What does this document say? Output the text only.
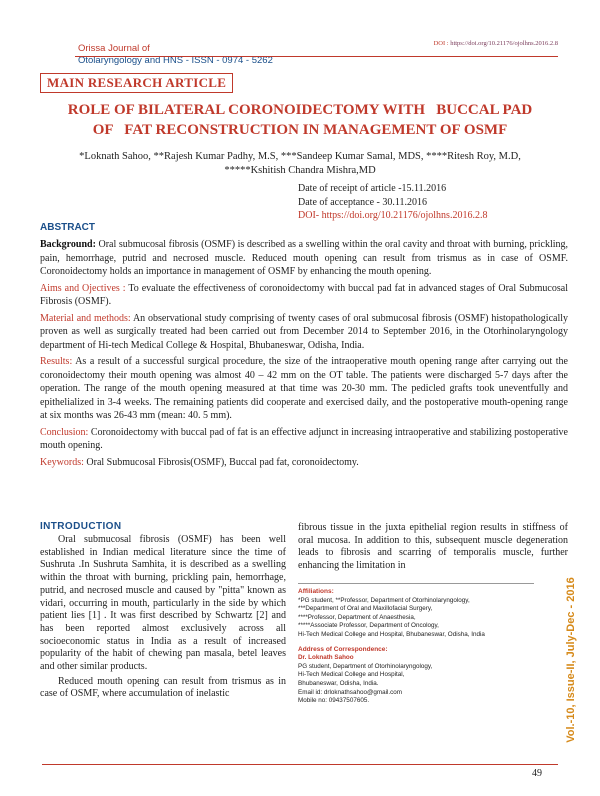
Orissa Journal of
Otolaryngology and HNS - ISSN - 0974 - 5262
DOI : https://doi.org/10.21176/ojolhns.2016.2.8
MAIN RESEARCH ARTICLE
ROLE OF BILATERAL CORONOIDECTOMY WITH   BUCCAL PAD
OF   FAT RECONSTRUCTION IN MANAGEMENT OF OSMF
*Loknath Sahoo, **Rajesh Kumar Padhy, M.S, ***Sandeep Kumar Samal, MDS, ****Ritesh Roy, M.D,
*****Kshitish Chandra Mishra,MD
Date of receipt of article -15.11.2016
Date of acceptance - 30.11.2016
DOI- https://doi.org/10.21176/ojolhns.2016.2.8
ABSTRACT

Background: Oral submucosal fibrosis (OSMF) is described as a swelling within the oral cavity and throat with burning, prickling, pain, hemorrhage, putrid and necrosed muscle. Reduced mouth opening can result from trismus as in case of OSMF. Coronoidectomy holds an importance in management of OSMF by enhancing the mouth opening.

Aims and Ojectives : To evaluate the effectiveness of coronoidectomy with buccal pad fat in advanced stages of Oral Submucosal Fibrosis (OSMF).

Material and methods: An observational study comprising of twenty cases of oral submucosal fibrosis (OSMF) histopathologically proven as well as surgically treated had been carried out from December 2014 to September 2016, in the Otorhinolaryngology department of Hi-tech Medical College & Hospital, Bhubaneswar, Odisha, India.

Results: As a result of a successful surgical procedure, the size of the intraoperative mouth opening range after carrying out the coronoidectomy their mouth opening was almost 40 – 42 mm on the OT table. The patients were discharged 5-7 days after the operation. The range of the mouth opening measured at that time was 20-30 mm. The pedicled grafts took uneventfully and epithelialized in 3-4 weeks. The remaining patients did cooperate and exercised daily, and the postoperative mouth-opening range at six months was 26-43 mm (mean: 40. 5 mm).

Conclusion: Coronoidectomy with buccal pad of fat is an effective adjunct in increasing intraoperative and stabilizing postoperative mouth opening.

Keywords: Oral Submucosal Fibrosis(OSMF), Buccal pad fat, coronoidectomy.

INTRODUCTION

Oral submucosal fibrosis (OSMF) has been well established in Indian medical literature since the time of Sushruta .In Sushruta Samhita, it is described as a swelling within the throat with burning, prickling pain, hemorrhage, putrid, and necrosed muscle and caused by "pitta" known as vidari, occurring in mouth, particularly in the side by which patient lies [1] . It was first described by Schwartz [2] and has been reported almost exclusively across all socioeconomic status in India as a result of increased popularity of the habit of chewing pan masala, betel leaves and other similar products.

Reduced mouth opening can result from trismus as in case of OSMF, where accumulation of inelastic

fibrous tissue in the juxta epithelial region results in stiffness of oral mucosa. In addition to this, subsequent muscle degeneration leads to fibrosis and scarring of temporalis muscle, further enhancing the limitation in
Affiliations:
*PG student, **Professor, Department of Otorhinolaryngology,
***Department of Oral and Maxillofacial Surgery,
****Professor, Department of Anaesthesia,
*****Associate Professor, Department of Oncology,
Hi-Tech Medical College and Hospital, Bhubaneswar, Odisha, India
Address of Correspondence:
Dr. Loknath Sahoo
PG student, Department of Otorhinolaryngology,
Hi-Tech Medical College and Hospital,
Bhubaneswar, Odisha, India.
Email id: drloknathsahoo@gmail.com
Mobile no: 09437507605.	Vol.-10, Issue-II, July-Dec - 2016
49
